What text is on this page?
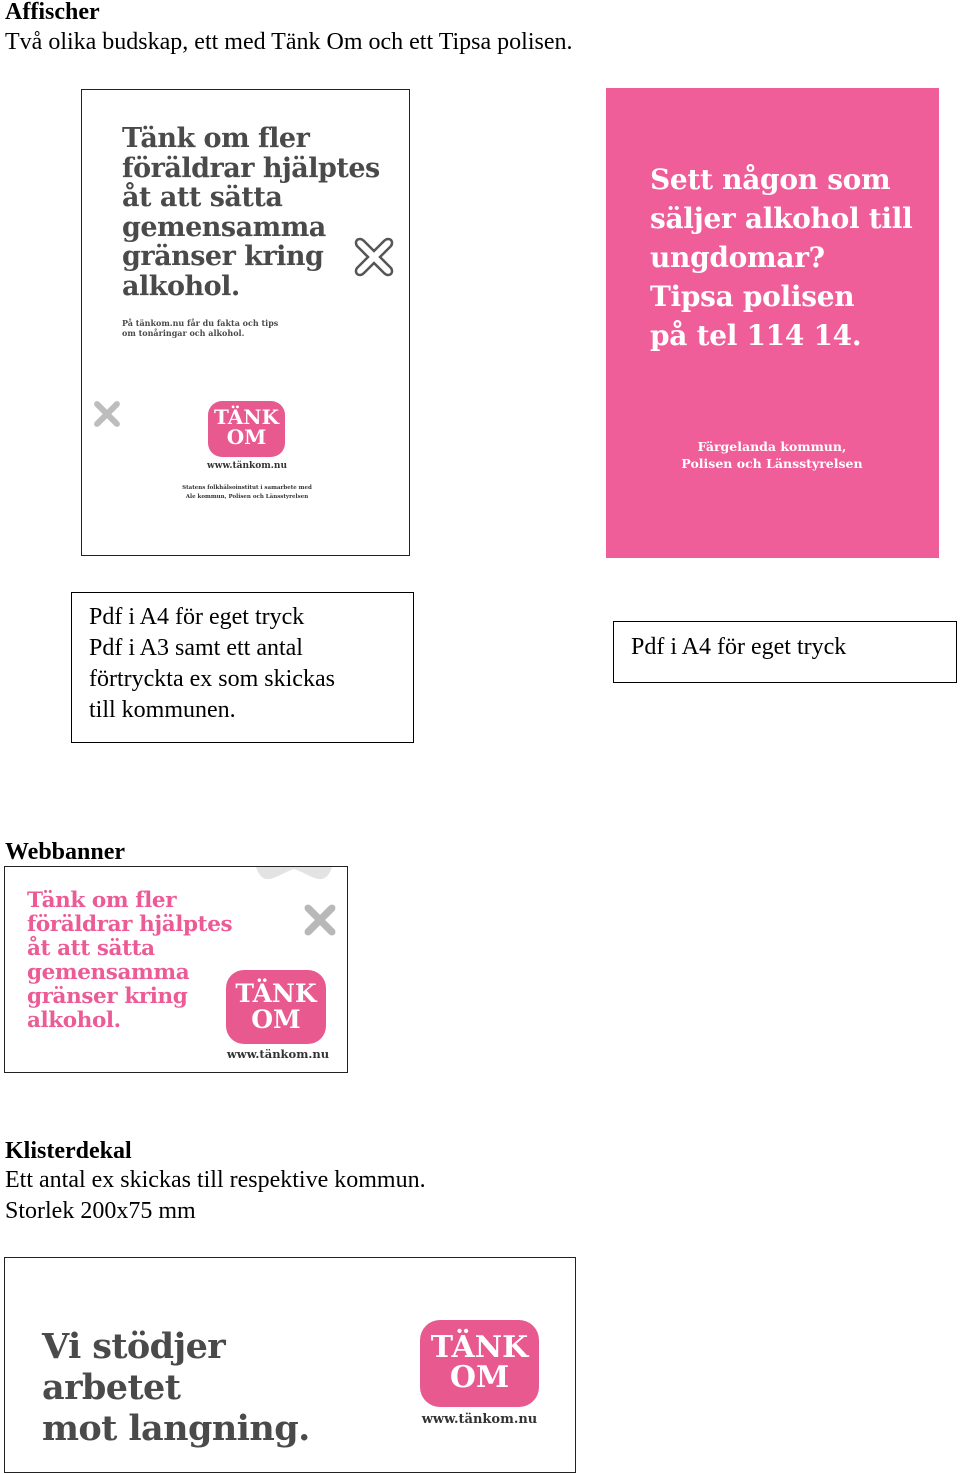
Affischer
Två olika budskap, ett med Tänk Om och ett Tipsa polisen.
Tänk om fler
föräldrar hjälptes
åt att sätta
gemensamma
gränser kring
alkohol.
På tänkom.nu får du fakta och tips
om tonåringar och alkohol.
TÄNK
OM
www.tänkom.nu
Statens folkhälsoinstitut i samarbete med
Ale kommun, Polisen och Länsstyrelsen
Sett någon som
säljer alkohol till
ungdomar?
Tipsa polisen
på tel 114 14.
Färgelanda kommun,
Polisen och Länsstyrelsen
Pdf i A4 för eget tryck
Pdf i A3 samt ett antal
förtryckta ex som skickas
till kommunen.
Pdf i A4 för eget tryck
Webbanner
Tänk om fler
föräldrar hjälptes
åt att sätta
gemensamma
gränser kring
alkohol.
TÄNK
OM
www.tänkom.nu
Klisterdekal
Ett antal ex skickas till respektive kommun.
Storlek 200x75 mm
Vi stödjer arbetet
mot langning.
TÄNK
OM
www.tänkom.nu
